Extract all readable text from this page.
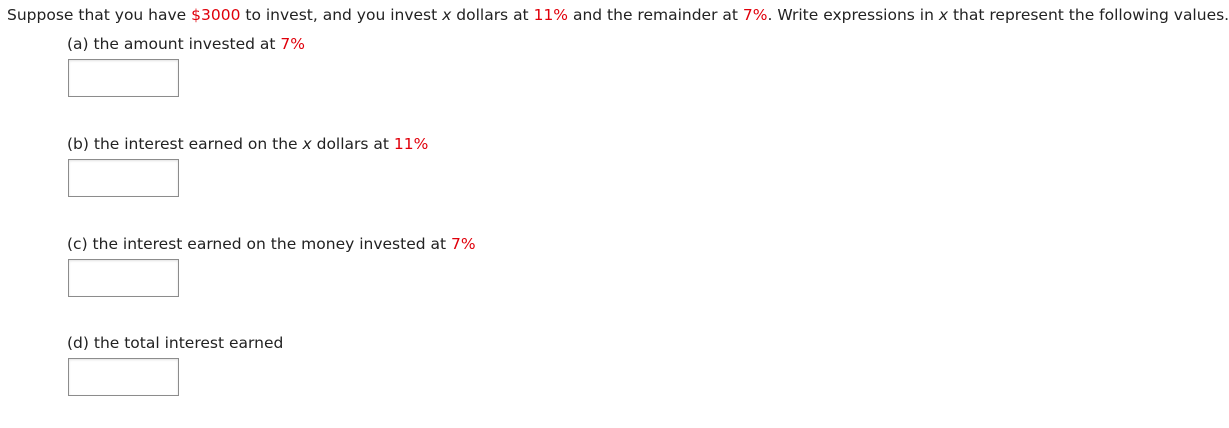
Suppose that you have $3000 to invest, and you invest x dollars at 11% and the remainder at 7%. Write expressions in x that represent the following values.
(a) the amount invested at 7%
(b) the interest earned on the x dollars at 11%
(c) the interest earned on the money invested at 7%
(d) the total interest earned
